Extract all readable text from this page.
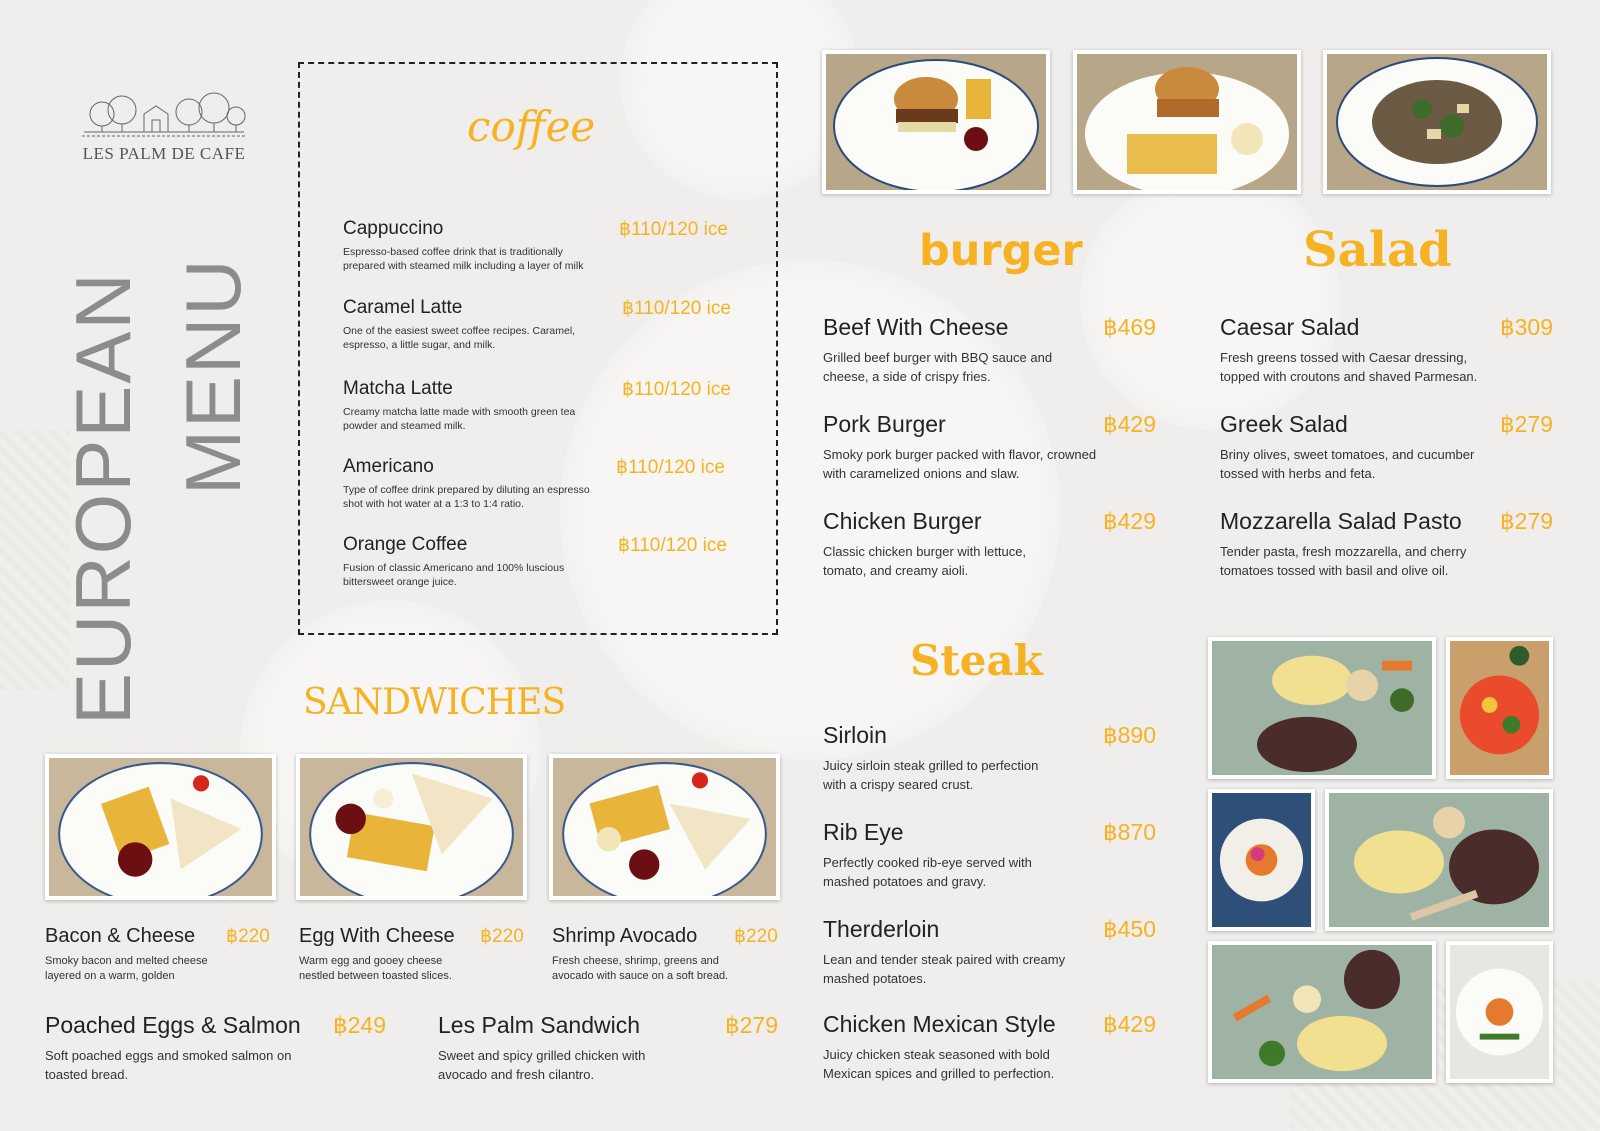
LES PALM DE CAFE
EUROPEAN MENU
coffee
Cappuccino
Espresso-based coffee drink that is traditionally prepared with steamed milk including a layer of milk
฿110/120 ice
Caramel Latte
One of the easiest sweet coffee recipes. Caramel, espresso, a little sugar, and milk.
฿110/120 ice
Matcha Latte
Creamy matcha latte made with smooth green tea powder and steamed milk.
฿110/120 ice
Americano
Type of coffee drink prepared by diluting an espresso shot with hot water at a 1:3 to 1:4 ratio.
฿110/120 ice
Orange Coffee
Fusion of classic Americano and 100% luscious bittersweet orange juice.
฿110/120 ice
SANDWICHES
Bacon & Cheese
Smoky bacon and melted cheese layered on a warm, golden
฿220 Egg With Cheese
Warm egg and gooey cheese nestled between toasted slices.
฿220 Shrimp Avocado
Fresh cheese, shrimp, greens and avocado with sauce on a soft bread.
฿220
Poached Eggs & Salmon
Soft poached eggs and smoked salmon on toasted bread.
฿249 Les Palm Sandwich
Sweet and spicy grilled chicken with avocado and fresh cilantro.
฿279
burger
Beef With Cheese
Grilled beef burger with BBQ sauce and cheese, a side of crispy fries.
฿469
Pork Burger
Smoky pork burger packed with flavor, crowned with caramelized onions and slaw.
฿429
Chicken Burger
Classic chicken burger with lettuce, tomato, and creamy aioli.
฿429
Salad
Caesar Salad
Fresh greens tossed with Caesar dressing, topped with croutons and shaved Parmesan.
฿309
Greek Salad
Briny olives, sweet tomatoes, and cucumber tossed with herbs and feta.
฿279
Mozzarella Salad Pasto
Tender pasta, fresh mozzarella, and cherry tomatoes tossed with basil and olive oil.
฿279
Steak
Sirloin
Juicy sirloin steak grilled to perfection with a crispy seared crust.
฿890
Rib Eye
Perfectly cooked rib-eye served with mashed potatoes and gravy.
฿870
Therderloin
Lean and tender steak paired with creamy mashed potatoes.
฿450
Chicken Mexican Style
Juicy chicken steak seasoned with bold Mexican spices and grilled to perfection.
฿429
